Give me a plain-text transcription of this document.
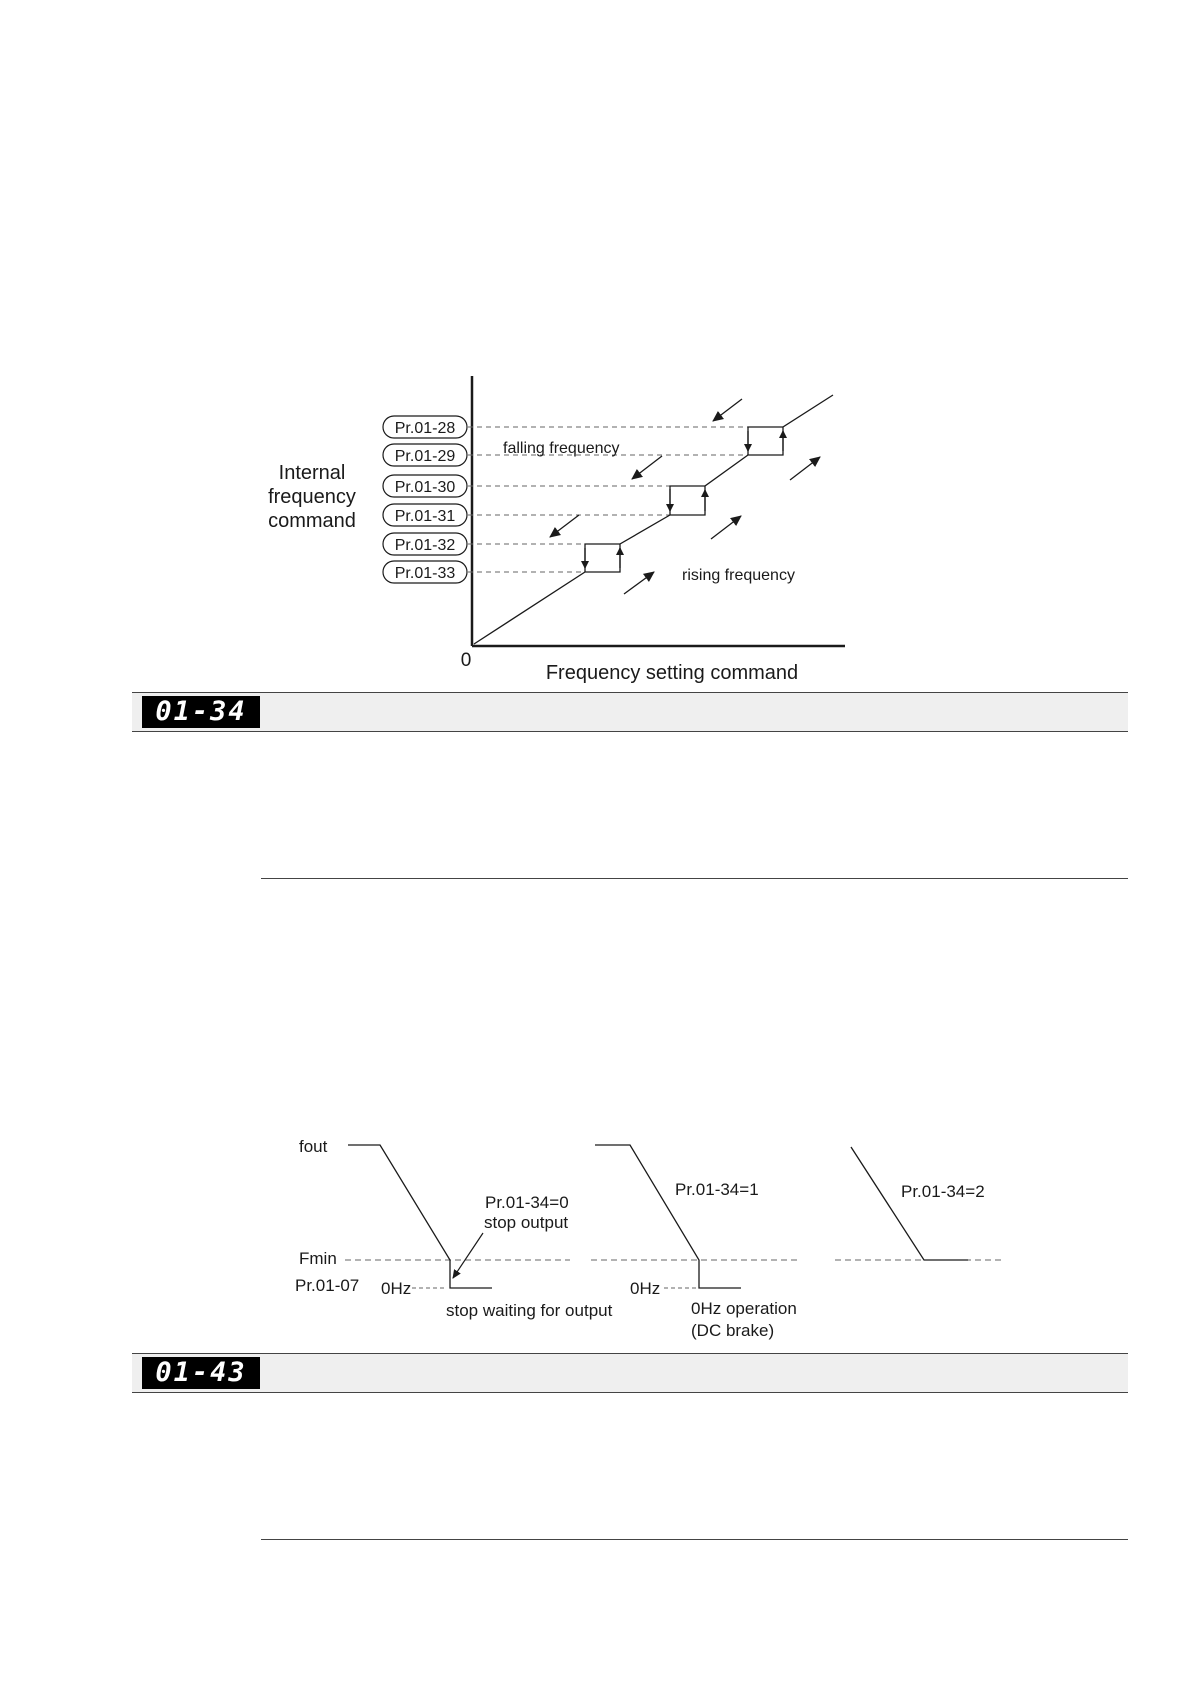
Internal
frequency
command
0
Frequency setting command
Pr.01-28
Pr.01-29
Pr.01-30
Pr.01-31
Pr.01-32
Pr.01-33
falling frequency
rising frequency
01-34
fout
Fmin
Pr.01-07 0Hz
Pr.01-34=0
stop output
stop waiting for output
0Hz
Pr.01-34=1
0Hz operation
(DC brake)
Pr.01-34=2
01-43
